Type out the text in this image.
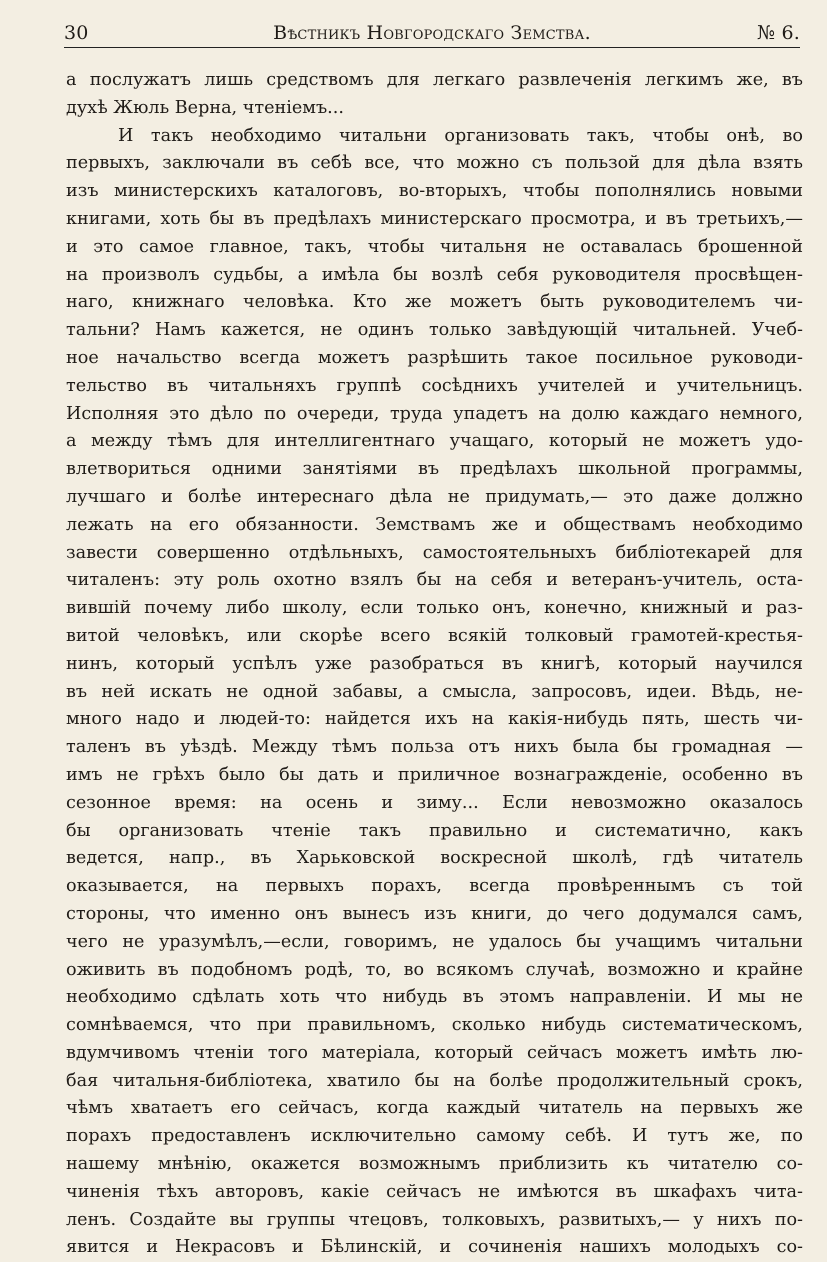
30	Вѣстникъ Новгородскаго Земства.	№ 6.
а послужатъ лишь средствомъ для легкаго развлеченія легкимъ же, въ
духѣ Жюль Верна, чтеніемъ...
И такъ необходимо читальни организовать такъ, чтобы онѣ, во
первыхъ, заключали въ себѣ все, что можно съ пользой для дѣла взять
изъ министерскихъ каталоговъ, во-вторыхъ, чтобы пополнялись новыми
книгами, хоть бы въ предѣлахъ министерскаго просмотра, и въ третьихъ,—
и это самое главное, такъ, чтобы читальня не оставалась брошенной
на произволъ судьбы, а имѣла бы возлѣ себя руководителя просвѣщен-
наго, книжнаго человѣка. Кто же можетъ быть руководителемъ чи-
тальни? Намъ кажется, не одинъ только завѣдующій читальней. Учеб-
ное начальство всегда можетъ разрѣшить такое посильное руководи-
тельство въ читальняхъ группѣ сосѣднихъ учителей и учительницъ.
Исполняя это дѣло по очереди, труда упадетъ на долю каждаго немного,
а между тѣмъ для интеллигентнаго учащаго, который не можетъ удо-
влетвориться одними занятіями въ предѣлахъ школьной программы,
лучшаго и болѣе интереснаго дѣла не придумать,— это даже должно
лежать на его обязанности. Земствамъ же и обществамъ необходимо
завести совершенно отдѣльныхъ, самостоятельныхъ библіотекарей для
читаленъ: эту роль охотно взялъ бы на себя и ветеранъ-учитель, оста-
вившій почему либо школу, если только онъ, конечно, книжный и раз-
витой человѣкъ, или скорѣе всего всякій толковый грамотей-крестья-
нинъ, который успѣлъ уже разобраться въ книгѣ, который научился
въ ней искать не одной забавы, а смысла, запросовъ, идеи. Вѣдь, не-
много надо и людей-то: найдется ихъ на какія-нибудь пять, шесть чи-
таленъ въ уѣздѣ. Между тѣмъ польза отъ нихъ была бы громадная —
имъ не грѣхъ было бы дать и приличное вознагражденіе, особенно въ
сезонное время: на осень и зиму... Если невозможно оказалось
бы организовать чтеніе такъ правильно и систематично, какъ
ведется, напр., въ Харьковской воскресной школѣ, гдѣ читатель
оказывается, на первыхъ порахъ, всегда провѣреннымъ съ той
стороны, что именно онъ вынесъ изъ книги, до чего додумался самъ,
чего не уразумѣлъ,—если, говоримъ, не удалось бы учащимъ читальни
оживить въ подобномъ родѣ, то, во всякомъ случаѣ, возможно и крайне
необходимо сдѣлать хоть что нибудь въ этомъ направленіи. И мы не
сомнѣваемся, что при правильномъ, сколько нибудь систематическомъ,
вдумчивомъ чтеніи того матеріала, который сейчасъ можетъ имѣть лю-
бая читальня-библіотека, хватило бы на болѣе продолжительный срокъ,
чѣмъ хватаетъ его сейчасъ, когда каждый читатель на первыхъ же
порахъ предоставленъ исключительно самому себѣ. И тутъ же, по
нашему мнѣнію, окажется возможнымъ приблизить къ читателю со-
чиненія тѣхъ авторовъ, какіе сейчасъ не имѣются въ шкафахъ чита-
ленъ. Создайте вы группы чтецовъ, толковыхъ, развитыхъ,— у нихъ по-
явится и Некрасовъ и Бѣлинскій, и сочиненія нашихъ молодыхъ со-
